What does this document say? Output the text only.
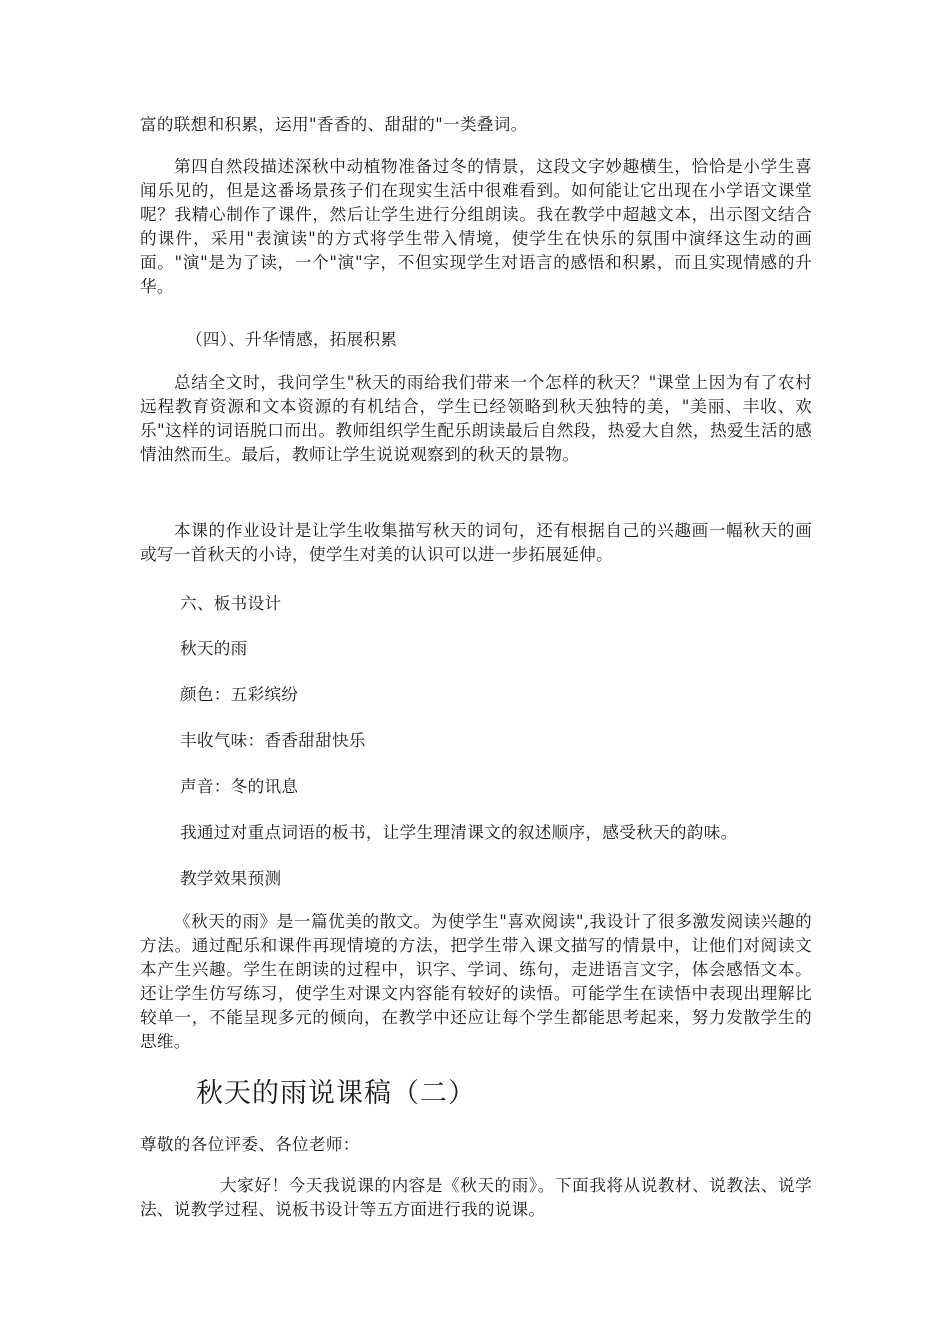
富的联想和积累，运用"香香的、甜甜的"一类叠词。

第四自然段描述深秋中动植物准备过冬的情景，这段文字妙趣横生，恰恰是小学生喜闻乐见的，但是这番场景孩子们在现实生活中很难看到。如何能让它出现在小学语文课堂呢？我精心制作了课件，然后让学生进行分组朗读。我在教学中超越文本，出示图文结合的课件，采用"表演读"的方式将学生带入情境，使学生在快乐的氛围中演绎这生动的画面。"演"是为了读，一个"演"字，不但实现学生对语言的感悟和积累，而且实现情感的升华。

（四）、升华情感，拓展积累

总结全文时，我问学生"秋天的雨给我们带来一个怎样的秋天？"课堂上因为有了农村远程教育资源和文本资源的有机结合，学生已经领略到秋天独特的美，"美丽、丰收、欢乐"这样的词语脱口而出。教师组织学生配乐朗读最后自然段，热爱大自然，热爱生活的感情油然而生。最后，教师让学生说说观察到的秋天的景物。

本课的作业设计是让学生收集描写秋天的词句，还有根据自己的兴趣画一幅秋天的画或写一首秋天的小诗，使学生对美的认识可以进一步拓展延伸。

六、板书设计

秋天的雨

颜色：五彩缤纷

丰收气味：香香甜甜快乐

声音：冬的讯息

我通过对重点词语的板书，让学生理清课文的叙述顺序，感受秋天的韵味。

教学效果预测

《秋天的雨》是一篇优美的散文。为使学生"喜欢阅读",我设计了很多激发阅读兴趣的方法。通过配乐和课件再现情境的方法，把学生带入课文描写的情景中，让他们对阅读文本产生兴趣。学生在朗读的过程中，识字、学词、练句，走进语言文字，体会感悟文本。还让学生仿写练习，使学生对课文内容能有较好的读悟。可能学生在读悟中表现出理解比较单一，不能呈现多元的倾向，在教学中还应让每个学生都能思考起来，努力发散学生的思维。

秋天的雨说课稿（二）

尊敬的各位评委、各位老师：

大家好！今天我说课的内容是《秋天的雨》。下面我将从说教材、说教法、说学法、说教学过程、说板书设计等五方面进行我的说课。
